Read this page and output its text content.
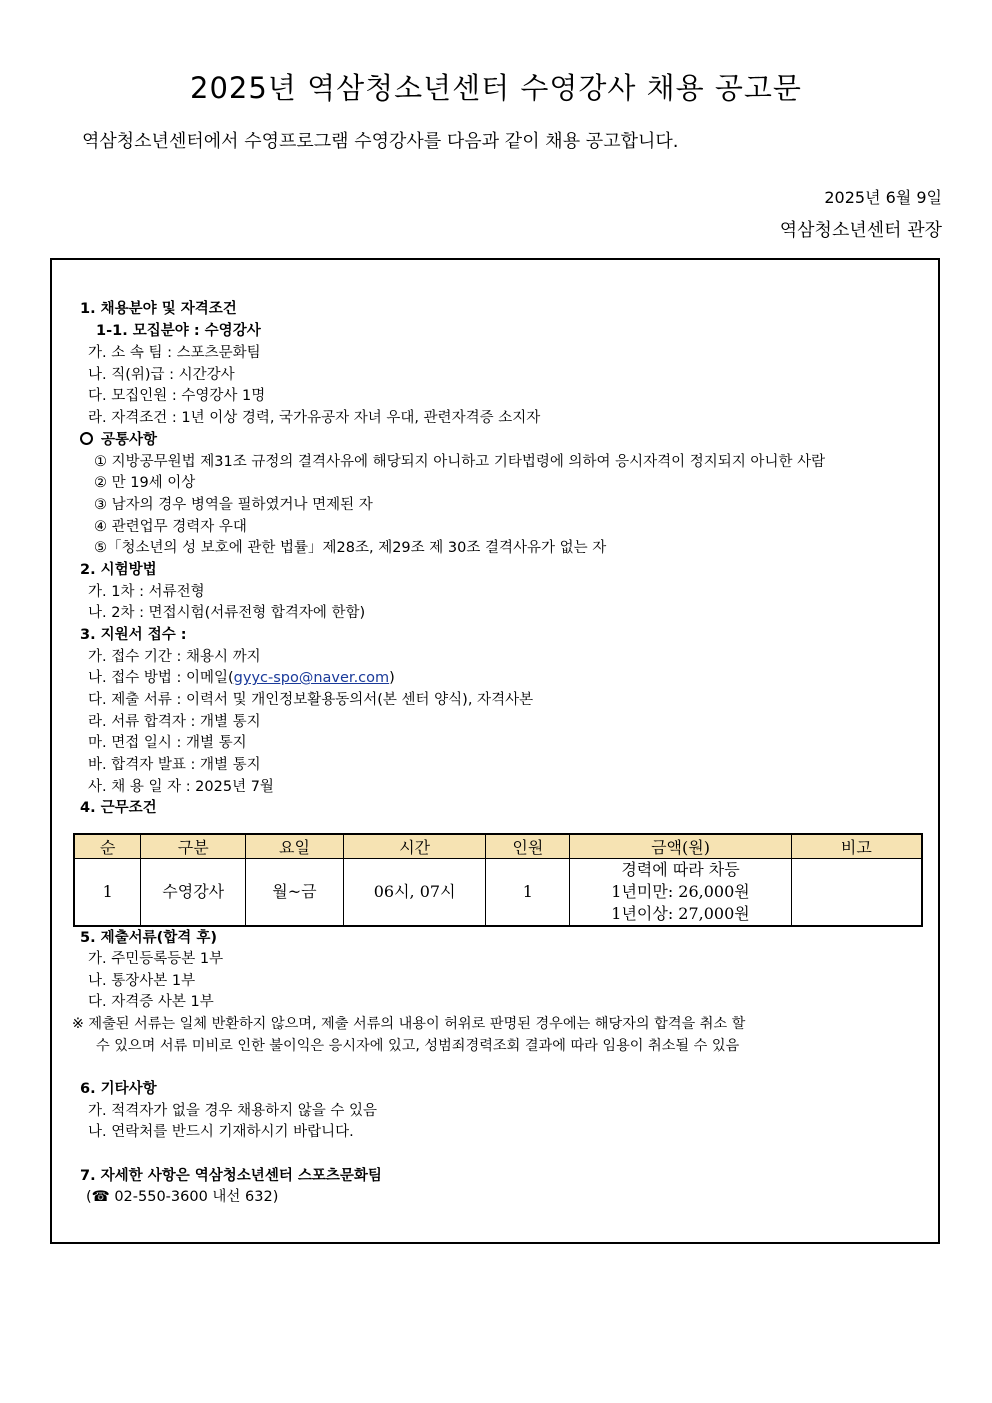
2025년 역삼청소년센터 수영강사 채용 공고문
역삼청소년센터에서 수영프로그램 수영강사를 다음과 같이 채용 공고합니다.
2025년 6월 9일
역삼청소년센터 관장
1. 채용분야 및 자격조건
1-1. 모집분야 : 수영강사
가. 소 속 팀 : 스포츠문화팀
나. 직(위)급 : 시간강사
다. 모집인원 : 수영강사 1명
라. 자격조건 : 1년 이상 경력, 국가유공자 자녀 우대, 관련자격증 소지자
공통사항
① 지방공무원법 제31조 규정의 결격사유에 해당되지 아니하고 기타법령에 의하여 응시자격이 정지되지 아니한 사람
② 만 19세 이상
③ 남자의 경우 병역을 필하였거나 면제된 자
④ 관련업무 경력자 우대
⑤「청소년의 성 보호에 관한 법률」제28조, 제29조 제 30조 결격사유가 없는 자
2. 시험방법
가. 1차 : 서류전형
나. 2차 : 면접시험(서류전형 합격자에 한함)
3. 지원서 접수 :
가. 접수 기간 : 채용시 까지
나. 접수 방법 : 이메일(gyyc-spo@naver.com)
다. 제출 서류 : 이력서 및 개인정보활용동의서(본 센터 양식), 자격사본
라. 서류 합격자 : 개별 통지
마. 면접 일시 : 개별 통지
바. 합격자 발표 : 개별 통지
사. 채 용 일 자 : 2025년 7월
4. 근무조건
순	구분	요일	시간	인원	금액(원)	비고
1	수영강사	월~금	06시, 07시	1	경력에 따라 차등
1년미만: 26,000원
1년이상: 27,000원	

5. 제출서류(합격 후)
가. 주민등록등본 1부
나. 통장사본 1부
다. 자격증 사본 1부
※ 제출된 서류는 일체 반환하지 않으며, 제출 서류의 내용이 허위로 판명된 경우에는 해당자의 합격을 취소 할
수 있으며 서류 미비로 인한 불이익은 응시자에 있고, 성범죄경력조회 결과에 따라 임용이 취소될 수 있음
6. 기타사항
가. 적격자가 없을 경우 채용하지 않을 수 있음
나. 연락처를 반드시 기재하시기 바랍니다.
7. 자세한 사항은 역삼청소년센터 스포츠문화팀
(☎ 02-550-3600 내선 632)
